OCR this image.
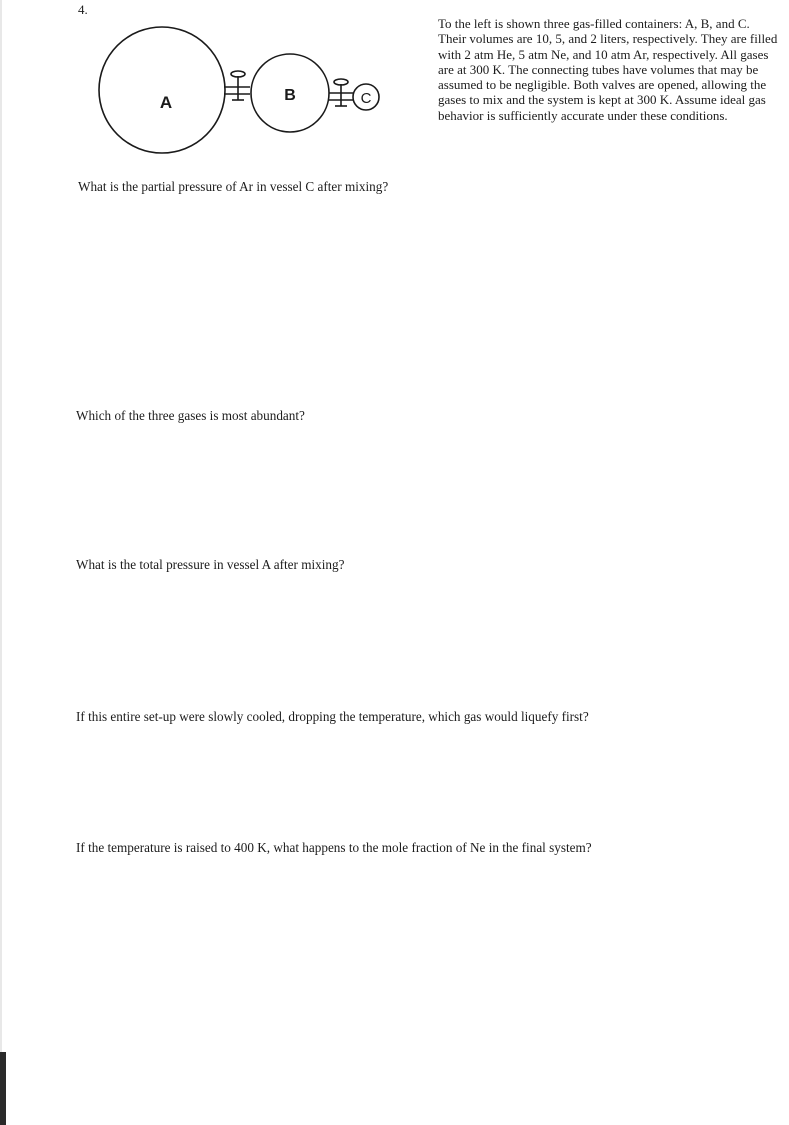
4.
A	B	C
To the left is shown three gas-filled containers: A, B, and C. Their volumes are 10, 5, and 2 liters, respectively. They are filled with 2 atm He, 5 atm Ne, and 10 atm Ar, respectively. All gases are at 300 K. The connecting tubes have volumes that may be assumed to be negligible. Both valves are opened, allowing the gases to mix and the system is kept at 300 K. Assume ideal gas behavior is sufficiently accurate under these conditions.
What is the partial pressure of Ar in vessel C after mixing?
Which of the three gases is most abundant?
What is the total pressure in vessel A after mixing?
If this entire set-up were slowly cooled, dropping the temperature, which gas would liquefy first?
If the temperature is raised to 400 K, what happens to the mole fraction of Ne in the final system?
